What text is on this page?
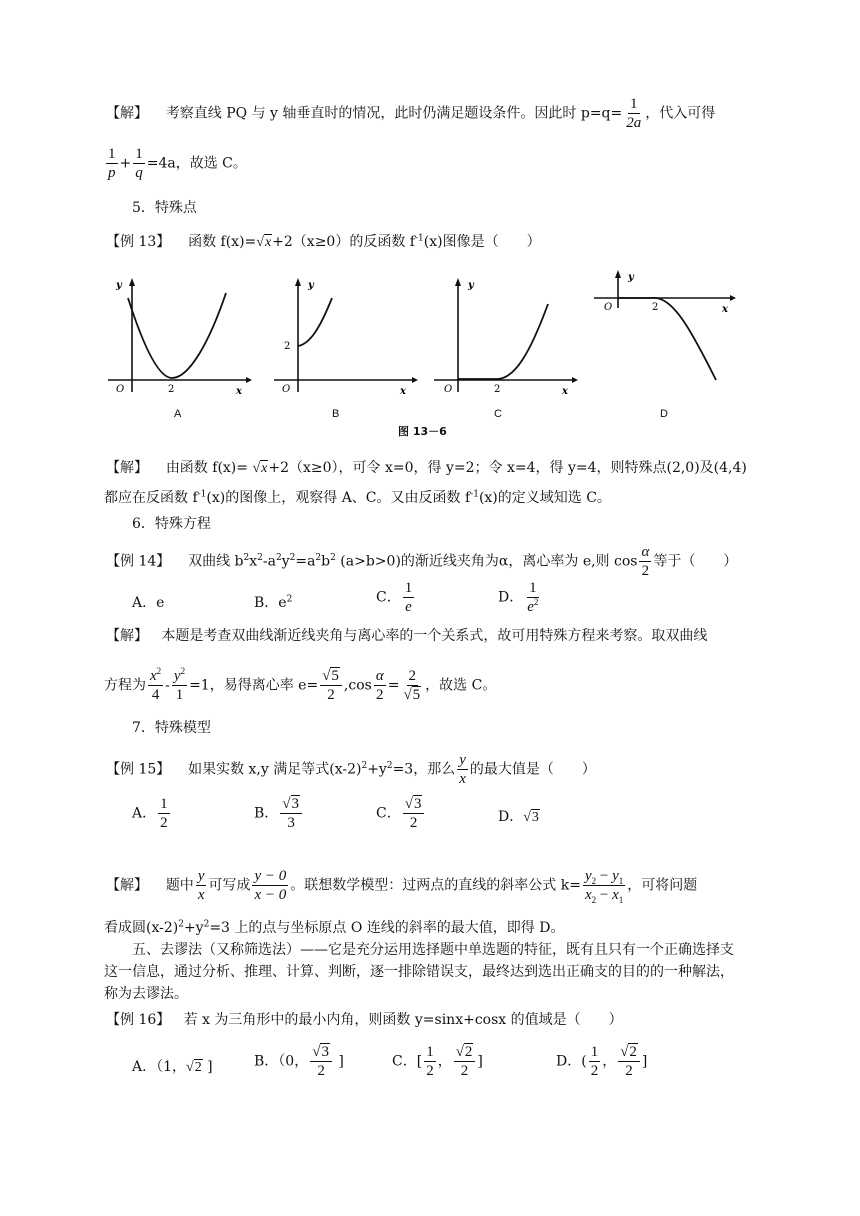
【解】 考察直线 PQ 与 y 轴垂直时的情况，此时仍满足题设条件。因此时 $p=q= \frac{1}{2a}$ ，代入可得
$\frac{1}{p} + \frac{1}{q} =4a$，故选 C。
5．特殊点
【例 13】 函数 f(x)=√x+2（x≥0）的反函数 $f^{-1}(x)$图像是（　　）
y
O	2	x
A
y
2
O	x
B
y
O	2	x
C
y
O	2	x
D
图 13－6
【解】 由函数 f(x)= √x+2（x≥0），可令 x=0，得 y=2；令 x=4，得 y=4，则特殊点(2,0)及(4,4)
都应在反函数 $f^{-1}(x)$的图像上，观察得 A、C。又由反函数 $f^{-1}(x)$的定义域知选 C。
6．特殊方程
【例 14】 双曲线 $b^2x^2-a^2y^2=a^2b^2$ (a>b>0)的渐近线夹角为α，离心率为 e,则 $\cos \frac{\alpha}{2}$ 等于（　　）
A．e	B．$e^2$	C． $\frac{1}{e}$	D． $\frac{1}{e^2}$
【解】 本题是考查双曲线渐近线夹角与离心率的一个关系式，故可用特殊方程来考察。取双曲线
方程为 $\frac{x^2}{4} - \frac{y^2}{1} =1$，易得离心率 $e= \frac{√5}{2} ,\cos \frac{\alpha}{2} = \frac{2}{√5}$ ，故选 C。
7．特殊模型
【例 15】 如果实数 x,y 满足等式$(x-2)^2+y^2=3$，那么 $\frac{y}{x}$ 的最大值是（　　）
A． $\frac{1}{2}$	B． $\frac{√3}{3}$	C． $\frac{√3}{2}$	D．√3
【解】 题中 $\frac{y}{x}$ 可写成 $\frac{y - 0}{x - 0}$ 。联想数学模型：过两点的直线的斜率公式 $k= \frac{y_2 - y_1}{x_2 - x_1}$ ，可将问题
看成圆$(x-2)^2+y^2=3$ 上的点与坐标原点 O 连线的斜率的最大值，即得 D。
五、去谬法（又称筛选法）——它是充分运用选择题中单选题的特征，既有且只有一个正确选择支
这一信息，通过分析、推理、计算、判断，逐一排除错误支，最终达到选出正确支的目的的一种解法，
称为去谬法。
【例 16】 若 x 为三角形中的最小内角，则函数 y=sinx+cosx 的值域是（　　）
A．（1，√2 ]	B．（0， $\frac{√3}{2}$ ]	C．[ $\frac{1}{2}$ ， $\frac{√2}{2}$ ]	D．( $\frac{1}{2}$ ， $\frac{√2}{2}$ ]
